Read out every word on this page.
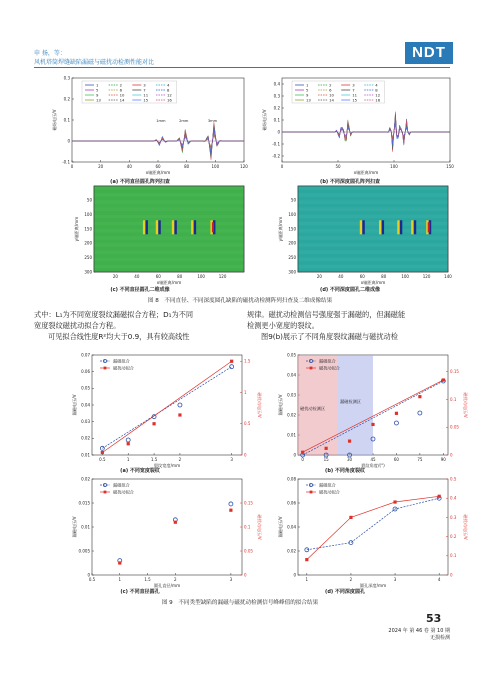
申 扬，等：
风机塔筒焊缝缺陷漏磁与磁扰动检测性能对比
NDT
0	20	40	60	80	100	120
-0.1
0
0.1
0.2
0.3
x轴距离/mm
磁场电压/V
1	2	3	4
5	6	7	8
9	10	11	12
13	14	15	16
1mm	2mm	3mm
0	50	100	150
-0.2
-0.1
0
0.1
0.2
0.3
0.4
x轴距离/mm
磁场电压/V
1	2	3	4
5	6	7	8
9	10	11	12
13	14	15	16
20	40	60	80	100	120
50
100
150
200
250
300
x轴距离/mm
y轴距离/mm
20	40	60	80	100	120	140
50
100
150
200
250
300
x轴距离/mm
y轴距离/mm
(a) 不同直径圆孔阵列扫查	(b) 不同深度圆孔阵列扫查
(c) 不同直径圆孔二维成像	(d) 不同深度圆孔二维成像
图 8　不同直径、不同深度圆孔缺陷的磁扰动检测阵列扫查及二维成像结果
式中：L₁为不同宽度裂纹漏磁拟合方程；D₁为不同
宽度裂纹磁扰动拟合方程。
可见拟合线性度R²均大于0.9，具有较高线性
规律。磁扰动检测信号强度强于漏磁的，但漏磁能
检测更小宽度的裂纹。
图9(b)展示了不同角度裂纹漏磁与磁扰动检
0.5	1	1.5	2	3
0.01
0.02
0.03
0.04
0.05
0.06
0.07
裂纹宽度/mm
漏磁电压/V
0
0.5
1
1.5
磁扰动电压/V
漏磁拟合
磁扰动拟合
0	15	30	45	60	75	90
0
0.01
0.02
0.03
0.04
0.05
裂纹角度/(°)
漏磁电压/V
0
0.05
0.1
0.15
磁扰动电压/V
磁扰动检测区
漏磁检测区
漏磁拟合
磁扰动拟合
0.5	1	1.5	2	3
0
0.005
0.01
0.015
0.02
圆孔直径/mm
漏磁电压/V
0
0.05
0.1
0.15
磁扰动电压/V
漏磁拟合
磁扰动拟合
1	2	3	4
0
0.02
0.04
0.06
0.08
圆孔深度/mm
漏磁电压/V
0
0.1
0.2
0.3
0.4
0.5
磁扰动电压/V
漏磁拟合
磁扰动拟合
(a) 不同宽度裂纹	(b) 不同角度裂纹
(c) 不同直径圆孔	(d) 不同深度圆孔
图 9　不同类型缺陷的漏磁与磁扰动检测信号峰峰值的拟合结果
53
2024 年 第 46 卷 第 10 期
无损检测
